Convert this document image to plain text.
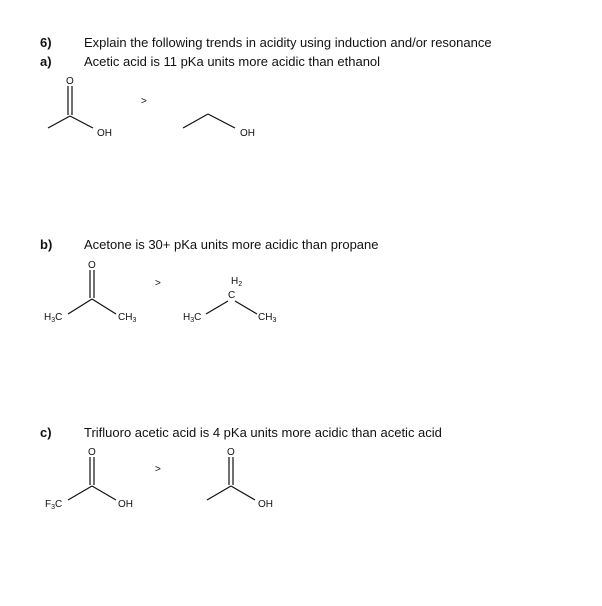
6) Explain the following trends in acidity using induction and/or resonance
a) Acetic acid is 11 pKa units more acidic than ethanol
O
OH
>
OH
O
$H_3C$	$CH_3$
>	$H_2$
C
$H_3C$	$CH_3$
O
$F_3C$	OH
>
O
OH
b) Acetone is 30+ pKa units more acidic than propane
c) Trifluoro acetic acid is 4 pKa units more acidic than acetic acid
